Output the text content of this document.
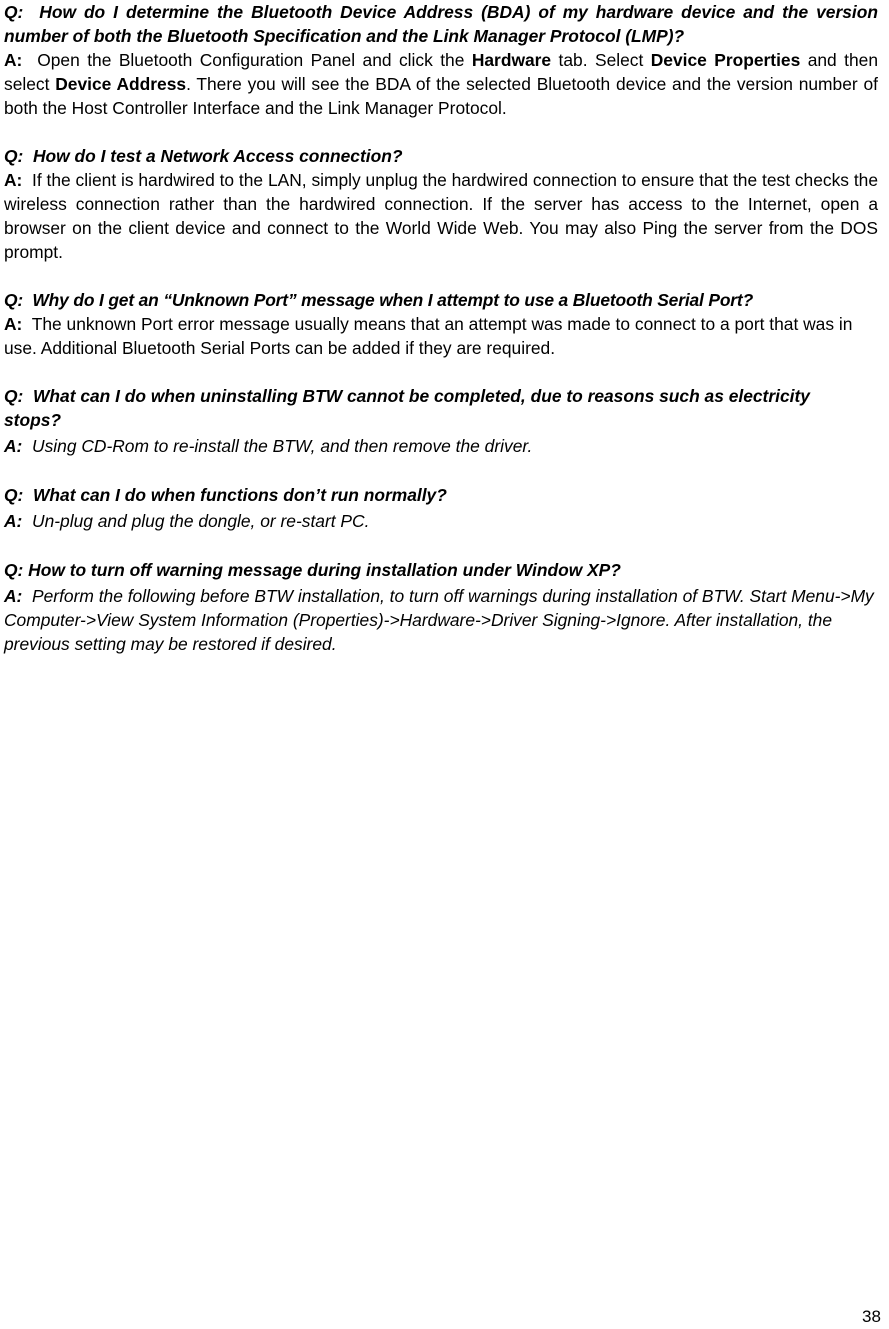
Q: How do I determine the Bluetooth Device Address (BDA) of my hardware device and the version number of both the Bluetooth Specification and the Link Manager Protocol (LMP)?

A: Open the Bluetooth Configuration Panel and click the Hardware tab. Select Device Properties and then select Device Address. There you will see the BDA of the selected Bluetooth device and the version number of both the Host Controller Interface and the Link Manager Protocol.

Q: How do I test a Network Access connection?

A: If the client is hardwired to the LAN, simply unplug the hardwired connection to ensure that the test checks the wireless connection rather than the hardwired connection. If the server has access to the Internet, open a browser on the client device and connect to the World Wide Web. You may also Ping the server from the DOS prompt.

Q: Why do I get an “Unknown Port” message when I attempt to use a Bluetooth Serial Port?

A: The unknown Port error message usually means that an attempt was made to connect to a port that was in use. Additional Bluetooth Serial Ports can be added if they are required.

Q: What can I do when uninstalling BTW cannot be completed, due to reasons such as electricity stops?

A: Using CD-Rom to re-install the BTW, and then remove the driver.

Q: What can I do when functions don’t run normally?

A: Un-plug and plug the dongle, or re-start PC.

Q: How to turn off warning message during installation under Window XP?

A: Perform the following before BTW installation, to turn off warnings during installation of BTW. Start Menu->My Computer->View System Information (Properties)->Hardware->Driver Signing->Ignore. After installation, the previous setting may be restored if desired.

38
